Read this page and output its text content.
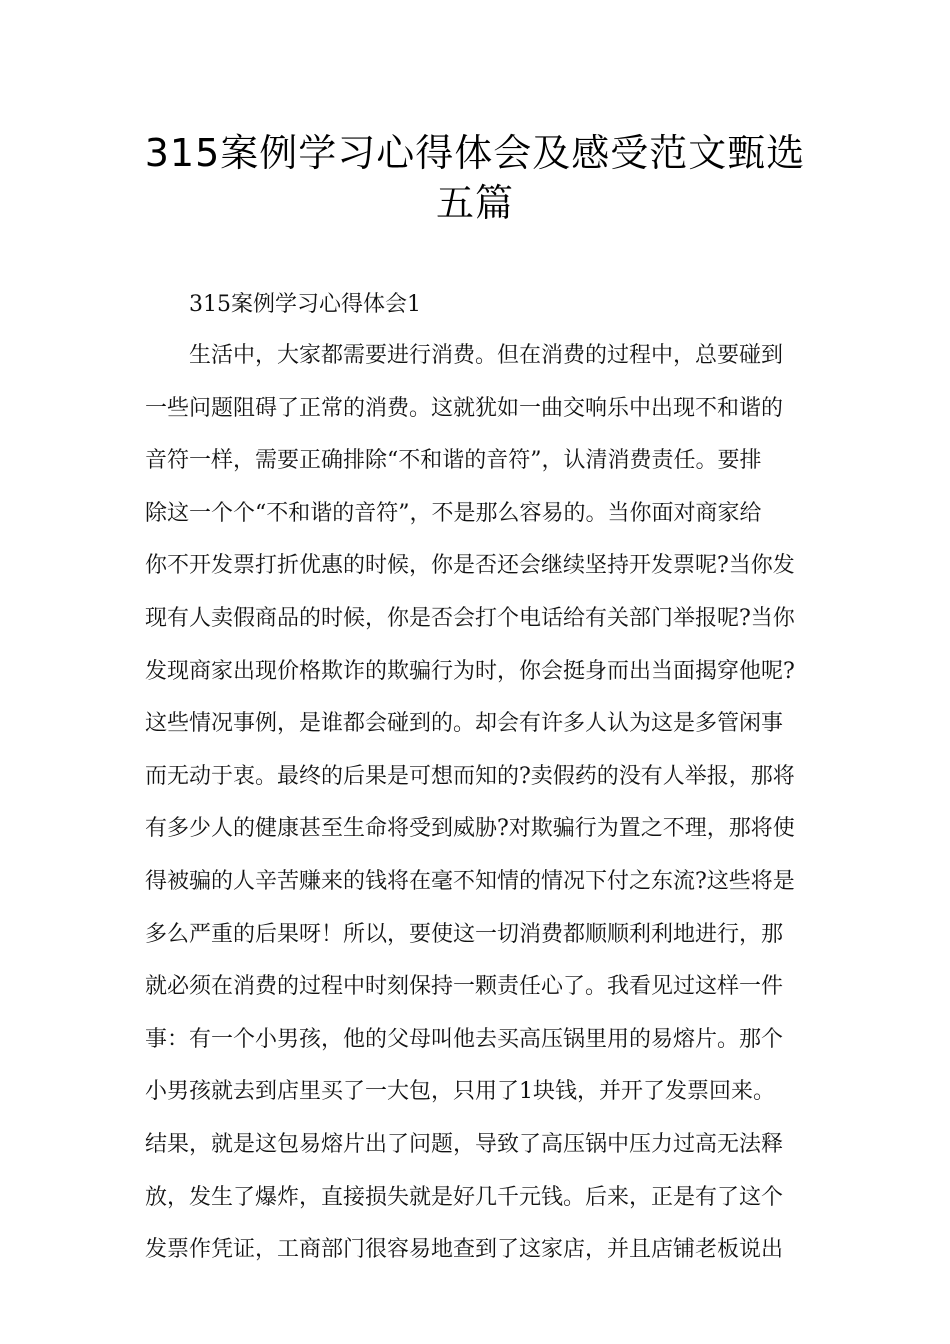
315案例学习心得体会及感受范文甄选
五篇
315案例学习心得体会1
生活中，大家都需要进行消费。但在消费的过程中，总要碰到
一些问题阻碍了正常的消费。这就犹如一曲交响乐中出现不和谐的
音符一样，需要正确排除“不和谐的音符”，认清消费责任。要排
除这一个个“不和谐的音符”，不是那么容易的。当你面对商家给
你不开发票打折优惠的时候，你是否还会继续坚持开发票呢?当你发
现有人卖假商品的时候，你是否会打个电话给有关部门举报呢?当你
发现商家出现价格欺诈的欺骗行为时，你会挺身而出当面揭穿他呢?
这些情况事例，是谁都会碰到的。却会有许多人认为这是多管闲事
而无动于衷。最终的后果是可想而知的?卖假药的没有人举报，那将
有多少人的健康甚至生命将受到威胁?对欺骗行为置之不理，那将使
得被骗的人辛苦赚来的钱将在毫不知情的情况下付之东流?这些将是
多么严重的后果呀！所以，要使这一切消费都顺顺利利地进行，那
就必须在消费的过程中时刻保持一颗责任心了。我看见过这样一件
事：有一个小男孩，他的父母叫他去买高压锅里用的易熔片。那个
小男孩就去到店里买了一大包，只用了1块钱，并开了发票回来。
结果，就是这包易熔片出了问题，导致了高压锅中压力过高无法释
放，发生了爆炸，直接损失就是好几千元钱。后来，正是有了这个
发票作凭证，工商部门很容易地查到了这家店，并且店铺老板说出
